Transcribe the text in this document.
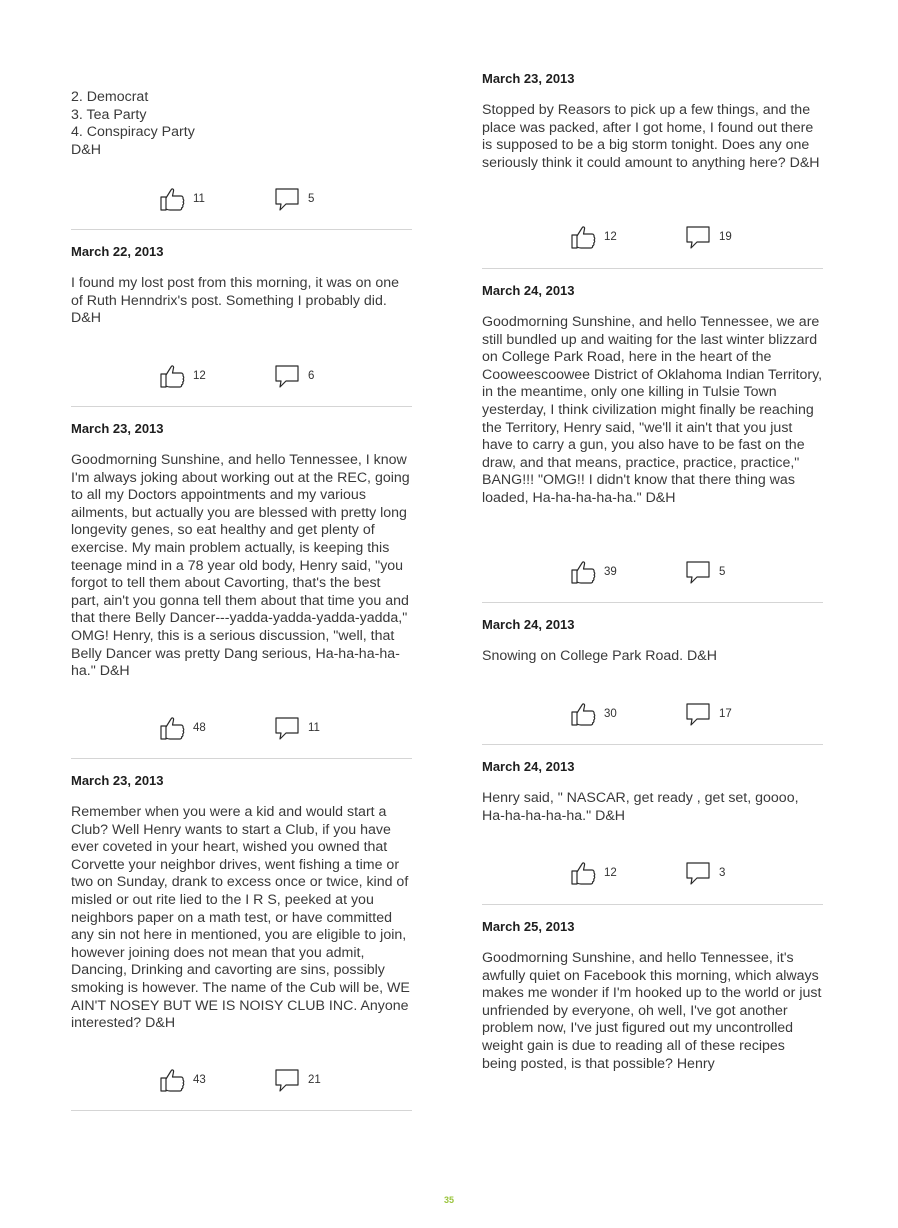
2. Democrat
3. Tea Party
4. Conspiracy Party
D&H
11	5
March 22, 2013
I found my lost post from this morning, it was on one of Ruth Henndrix's post. Something I probably did. D&H
12	6
March 23, 2013
Goodmorning Sunshine, and hello Tennessee, I know I'm always joking about working out at the REC, going to all my Doctors appointments and my various ailments, but actually you are blessed with pretty long longevity genes, so eat healthy and get plenty of exercise. My main problem actually, is keeping this teenage mind in a 78 year old body, Henry said, "you forgot to tell them about Cavorting, that's the best part, ain't you gonna tell them about that time you and that there Belly Dancer---yadda-yadda-yadda-yadda," OMG! Henry, this is a serious discussion, "well, that Belly Dancer was pretty Dang serious, Ha-ha-ha-ha-ha." D&H
48	11
March 23, 2013
Remember when you were a kid and would start a Club? Well Henry wants to start a Club, if you have ever coveted in your heart, wished you owned that Corvette your neighbor drives, went fishing a time or two on Sunday, drank to excess once or twice, kind of misled or out rite lied to the I R S, peeked at you neighbors paper on a math test, or have committed any sin not here in mentioned, you are eligible to join, however joining does not mean that you admit, Dancing, Drinking and cavorting are sins, possibly smoking is however. The name of the Cub will be, WE AIN'T NOSEY BUT WE IS NOISY CLUB INC. Anyone interested? D&H
43	21
March 23, 2013
Stopped by Reasors to pick up a few things, and the place was packed, after I got home, I found out there is supposed to be a big storm tonight. Does any one seriously think it could amount to anything here? D&H
12	19
March 24, 2013
Goodmorning Sunshine, and hello Tennessee, we are still bundled up and waiting for the last winter blizzard on College Park Road, here in the heart of the Cooweescoowee District of Oklahoma Indian Territory, in the meantime, only one killing in Tulsie Town yesterday, I think civilization might finally be reaching the Territory, Henry said, "we'll it ain't that you just have to carry a gun, you also have to be fast on the draw, and that means, practice, practice, practice," BANG!!! "OMG!! I didn't know that there thing was loaded, Ha-ha-ha-ha-ha." D&H
39	5
March 24, 2013
Snowing on College Park Road. D&H
30	17
March 24, 2013
Henry said, " NASCAR, get ready , get set, goooo, Ha-ha-ha-ha-ha." D&H
12	3
March 25, 2013
Goodmorning Sunshine, and hello Tennessee, it's awfully quiet on Facebook this morning, which always makes me wonder if I'm hooked up to the world or just unfriended by everyone, oh well, I've got another problem now, I've just figured out my uncontrolled weight gain is due to reading all of these recipes being posted, is that possible? Henry
35
